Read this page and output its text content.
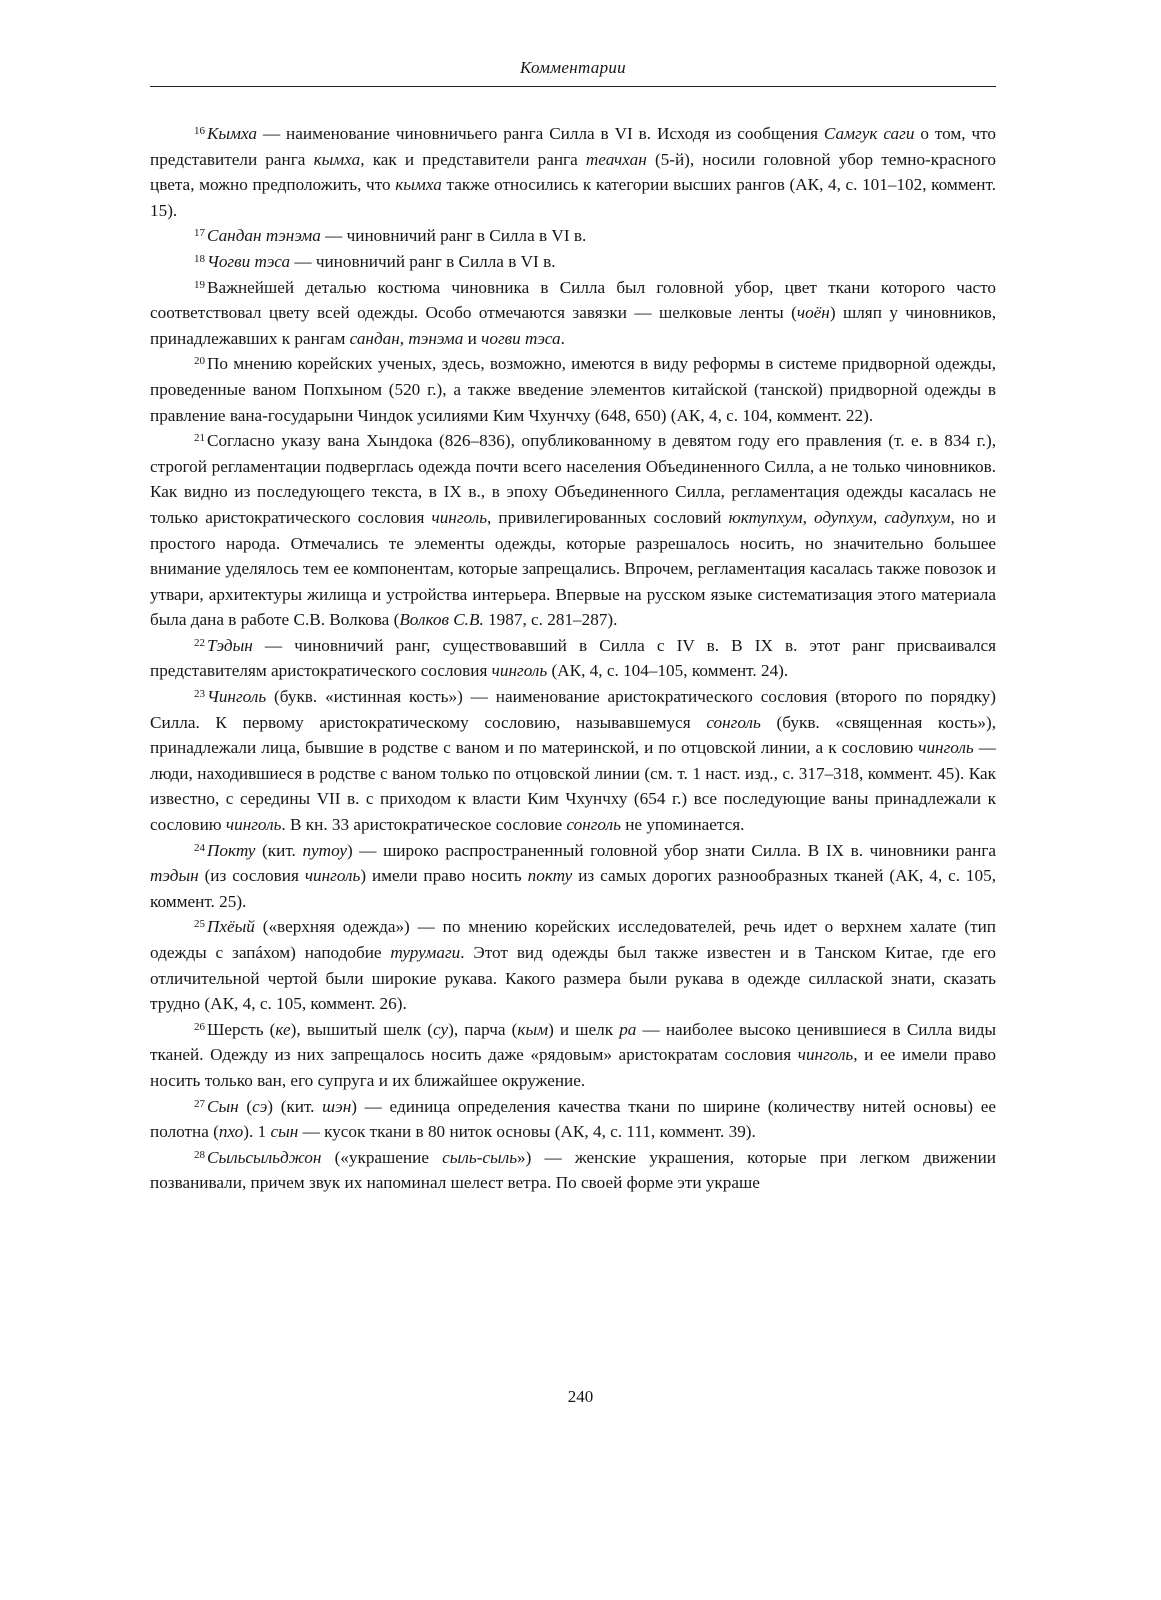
Комментарии

$^{16}$ Кымха — наименование чиновничьего ранга Силла в VI в. Исходя из сообщения Самгук саги о том, что представители ранга кымха, как и представители ранга теачхан (5-й), носили головной убор темно-красного цвета, можно предположить, что кымха также относились к категории высших рангов (АК, 4, с. 101–102, коммент. 15).

$^{17}$ Сандан тэнэма — чиновничий ранг в Силла в VI в.

$^{18}$ Чогви тэса — чиновничий ранг в Силла в VI в.

$^{19}$ Важнейшей деталью костюма чиновника в Силла был головной убор, цвет ткани которого часто соответствовал цвету всей одежды. Особо отмечаются завязки — шелковые ленты (чоён) шляп у чиновников, принадлежавших к рангам сандан, тэнэма и чогви тэса.

$^{20}$ По мнению корейских ученых, здесь, возможно, имеются в виду реформы в системе придворной одежды, проведенные ваном Попхыном (520 г.), а также введение элементов китайской (танской) придворной одежды в правление вана-государыни Чиндок усилиями Ким Чхунчху (648, 650) (АК, 4, с. 104, коммент. 22).

$^{21}$ Согласно указу вана Хындока (826–836), опубликованному в девятом году его правления (т. е. в 834 г.), строгой регламентации подверглась одежда почти всего населения Объединенного Силла, а не только чиновников. Как видно из последующего текста, в IX в., в эпоху Объединенного Силла, регламентация одежды касалась не только аристократического сословия чинголь, привилегированных сословий юктупхум, одупхум, садупхум, но и простого народа. Отмечались те элементы одежды, которые разрешалось носить, но значительно большее внимание уделялось тем ее компонентам, которые запрещались. Впрочем, регламентация касалась также повозок и утвари, архитектуры жилища и устройства интерьера. Впервые на русском языке систематизация этого материала была дана в работе С.В. Волкова (Волков С.В. 1987, с. 281–287).

$^{22}$ Тэдын — чиновничий ранг, существовавший в Силла с IV в. В IX в. этот ранг присваивался представителям аристократического сословия чинголь (АК, 4, с. 104–105, коммент. 24).

$^{23}$ Чинголь (букв. «истинная кость») — наименование аристократического сословия (второго по порядку) Силла. К первому аристократическому сословию, называвшемуся сонголь (букв. «священная кость»), принадлежали лица, бывшие в родстве с ваном и по материнской, и по отцовской линии, а к сословию чинголь — люди, находившиеся в родстве с ваном только по отцовской линии (см. т. 1 наст. изд., с. 317–318, коммент. 45). Как известно, с середины VII в. с приходом к власти Ким Чхунчху (654 г.) все последующие ваны принадлежали к сословию чинголь. В кн. 33 аристократическое сословие сонголь не упоминается.

$^{24}$ Покту (кит. путоу) — широко распространенный головной убор знати Силла. В IX в. чиновники ранга тэдын (из сословия чинголь) имели право носить покту из самых дорогих разнообразных тканей (АК, 4, с. 105, коммент. 25).

$^{25}$ Пхёый («верхняя одежда») — по мнению корейских исследователей, речь идет о верхнем халате (тип одежды с запáхом) наподобие турумаги. Этот вид одежды был также известен и в Танском Китае, где его отличительной чертой были широкие рукава. Какого размера были рукава в одежде силлаской знати, сказать трудно (АК, 4, с. 105, коммент. 26).

$^{26}$ Шерсть (ке), вышитый шелк (су), парча (кым) и шелк ра — наиболее высоко ценившиеся в Силла виды тканей. Одежду из них запрещалось носить даже «рядовым» аристократам сословия чинголь, и ее имели право носить только ван, его супруга и их ближайшее окружение.

$^{27}$ Сын (сэ) (кит. шэн) — единица определения качества ткани по ширине (количеству нитей основы) ее полотна (пхо). 1 сын — кусок ткани в 80 ниток основы (АК, 4, с. 111, коммент. 39).

$^{28}$ Сыльсыльджон («украшение сыль-сыль») — женские украшения, которые при легком движении позванивали, причем звук их напоминал шелест ветра. По своей форме эти украше

240
